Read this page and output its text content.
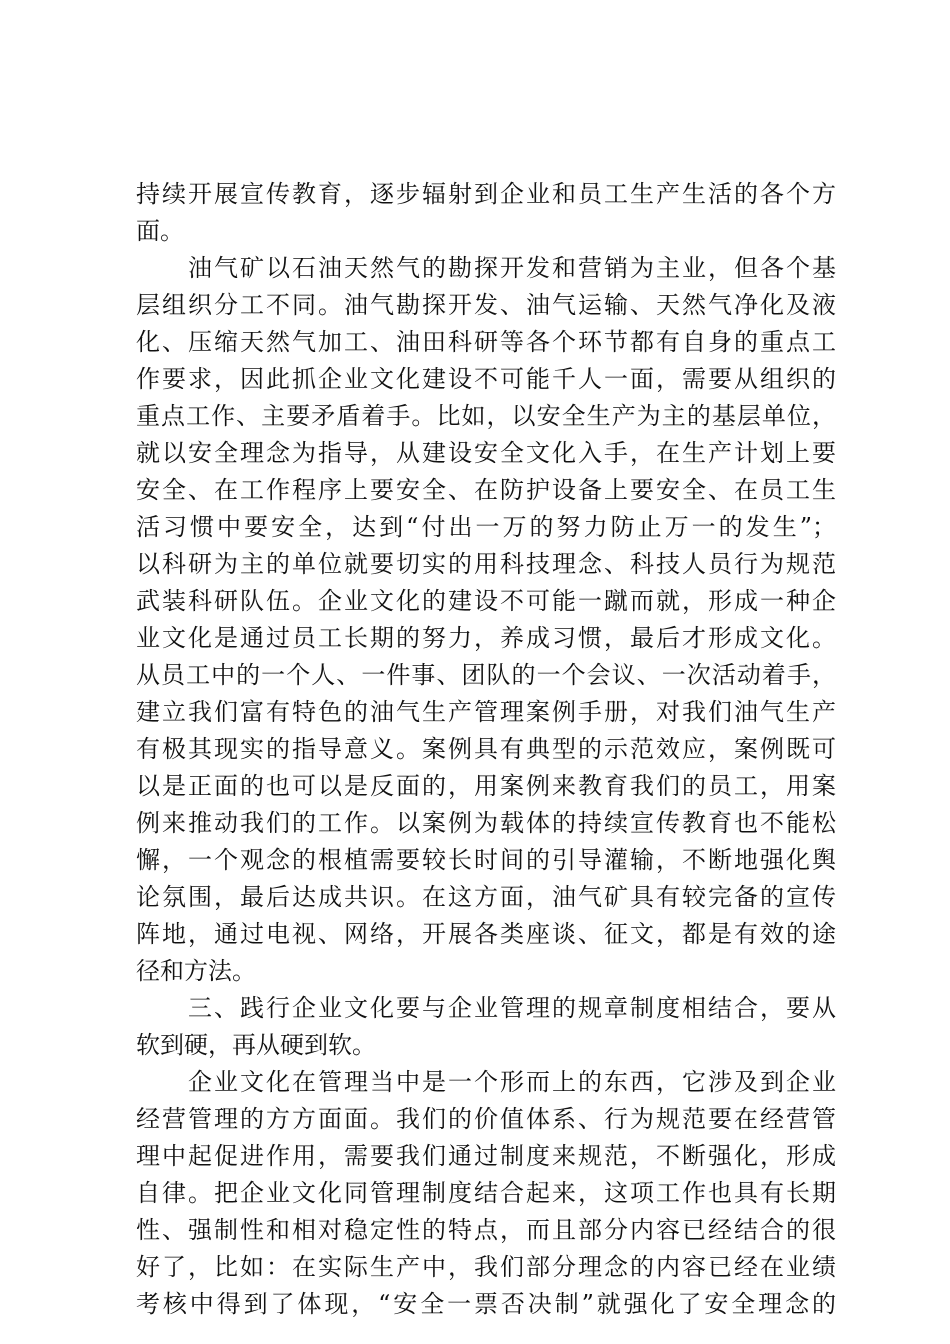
持续开展宣传教育，逐步辐射到企业和员工生产生活的各个方
面。
　　油气矿以石油天然气的勘探开发和营销为主业，但各个基
层组织分工不同。油气勘探开发、油气运输、天然气净化及液
化、压缩天然气加工、油田科研等各个环节都有自身的重点工
作要求，因此抓企业文化建设不可能千人一面，需要从组织的
重点工作、主要矛盾着手。比如，以安全生产为主的基层单位，
就以安全理念为指导，从建设安全文化入手，在生产计划上要
安全、在工作程序上要安全、在防护设备上要安全、在员工生
活习惯中要安全，达到“付出一万的努力防止万一的发生”；
以科研为主的单位就要切实的用科技理念、科技人员行为规范
武装科研队伍。企业文化的建设不可能一蹴而就，形成一种企
业文化是通过员工长期的努力，养成习惯，最后才形成文化。
从员工中的一个人、一件事、团队的一个会议、一次活动着手，
建立我们富有特色的油气生产管理案例手册，对我们油气生产
有极其现实的指导意义。案例具有典型的示范效应，案例既可
以是正面的也可以是反面的，用案例来教育我们的员工，用案
例来推动我们的工作。以案例为载体的持续宣传教育也不能松
懈，一个观念的根植需要较长时间的引导灌输，不断地强化舆
论氛围，最后达成共识。在这方面，油气矿具有较完备的宣传
阵地，通过电视、网络，开展各类座谈、征文，都是有效的途
径和方法。
　　三、践行企业文化要与企业管理的规章制度相结合，要从
软到硬，再从硬到软。
　　企业文化在管理当中是一个形而上的东西，它涉及到企业
经营管理的方方面面。我们的价值体系、行为规范要在经营管
理中起促进作用，需要我们通过制度来规范，不断强化，形成
自律。把企业文化同管理制度结合起来，这项工作也具有长期
性、强制性和相对稳定性的特点，而且部分内容已经结合的很
好了，比如：在实际生产中，我们部分理念的内容已经在业绩
考核中得到了体现，“安全一票否决制”就强化了安全理念的
